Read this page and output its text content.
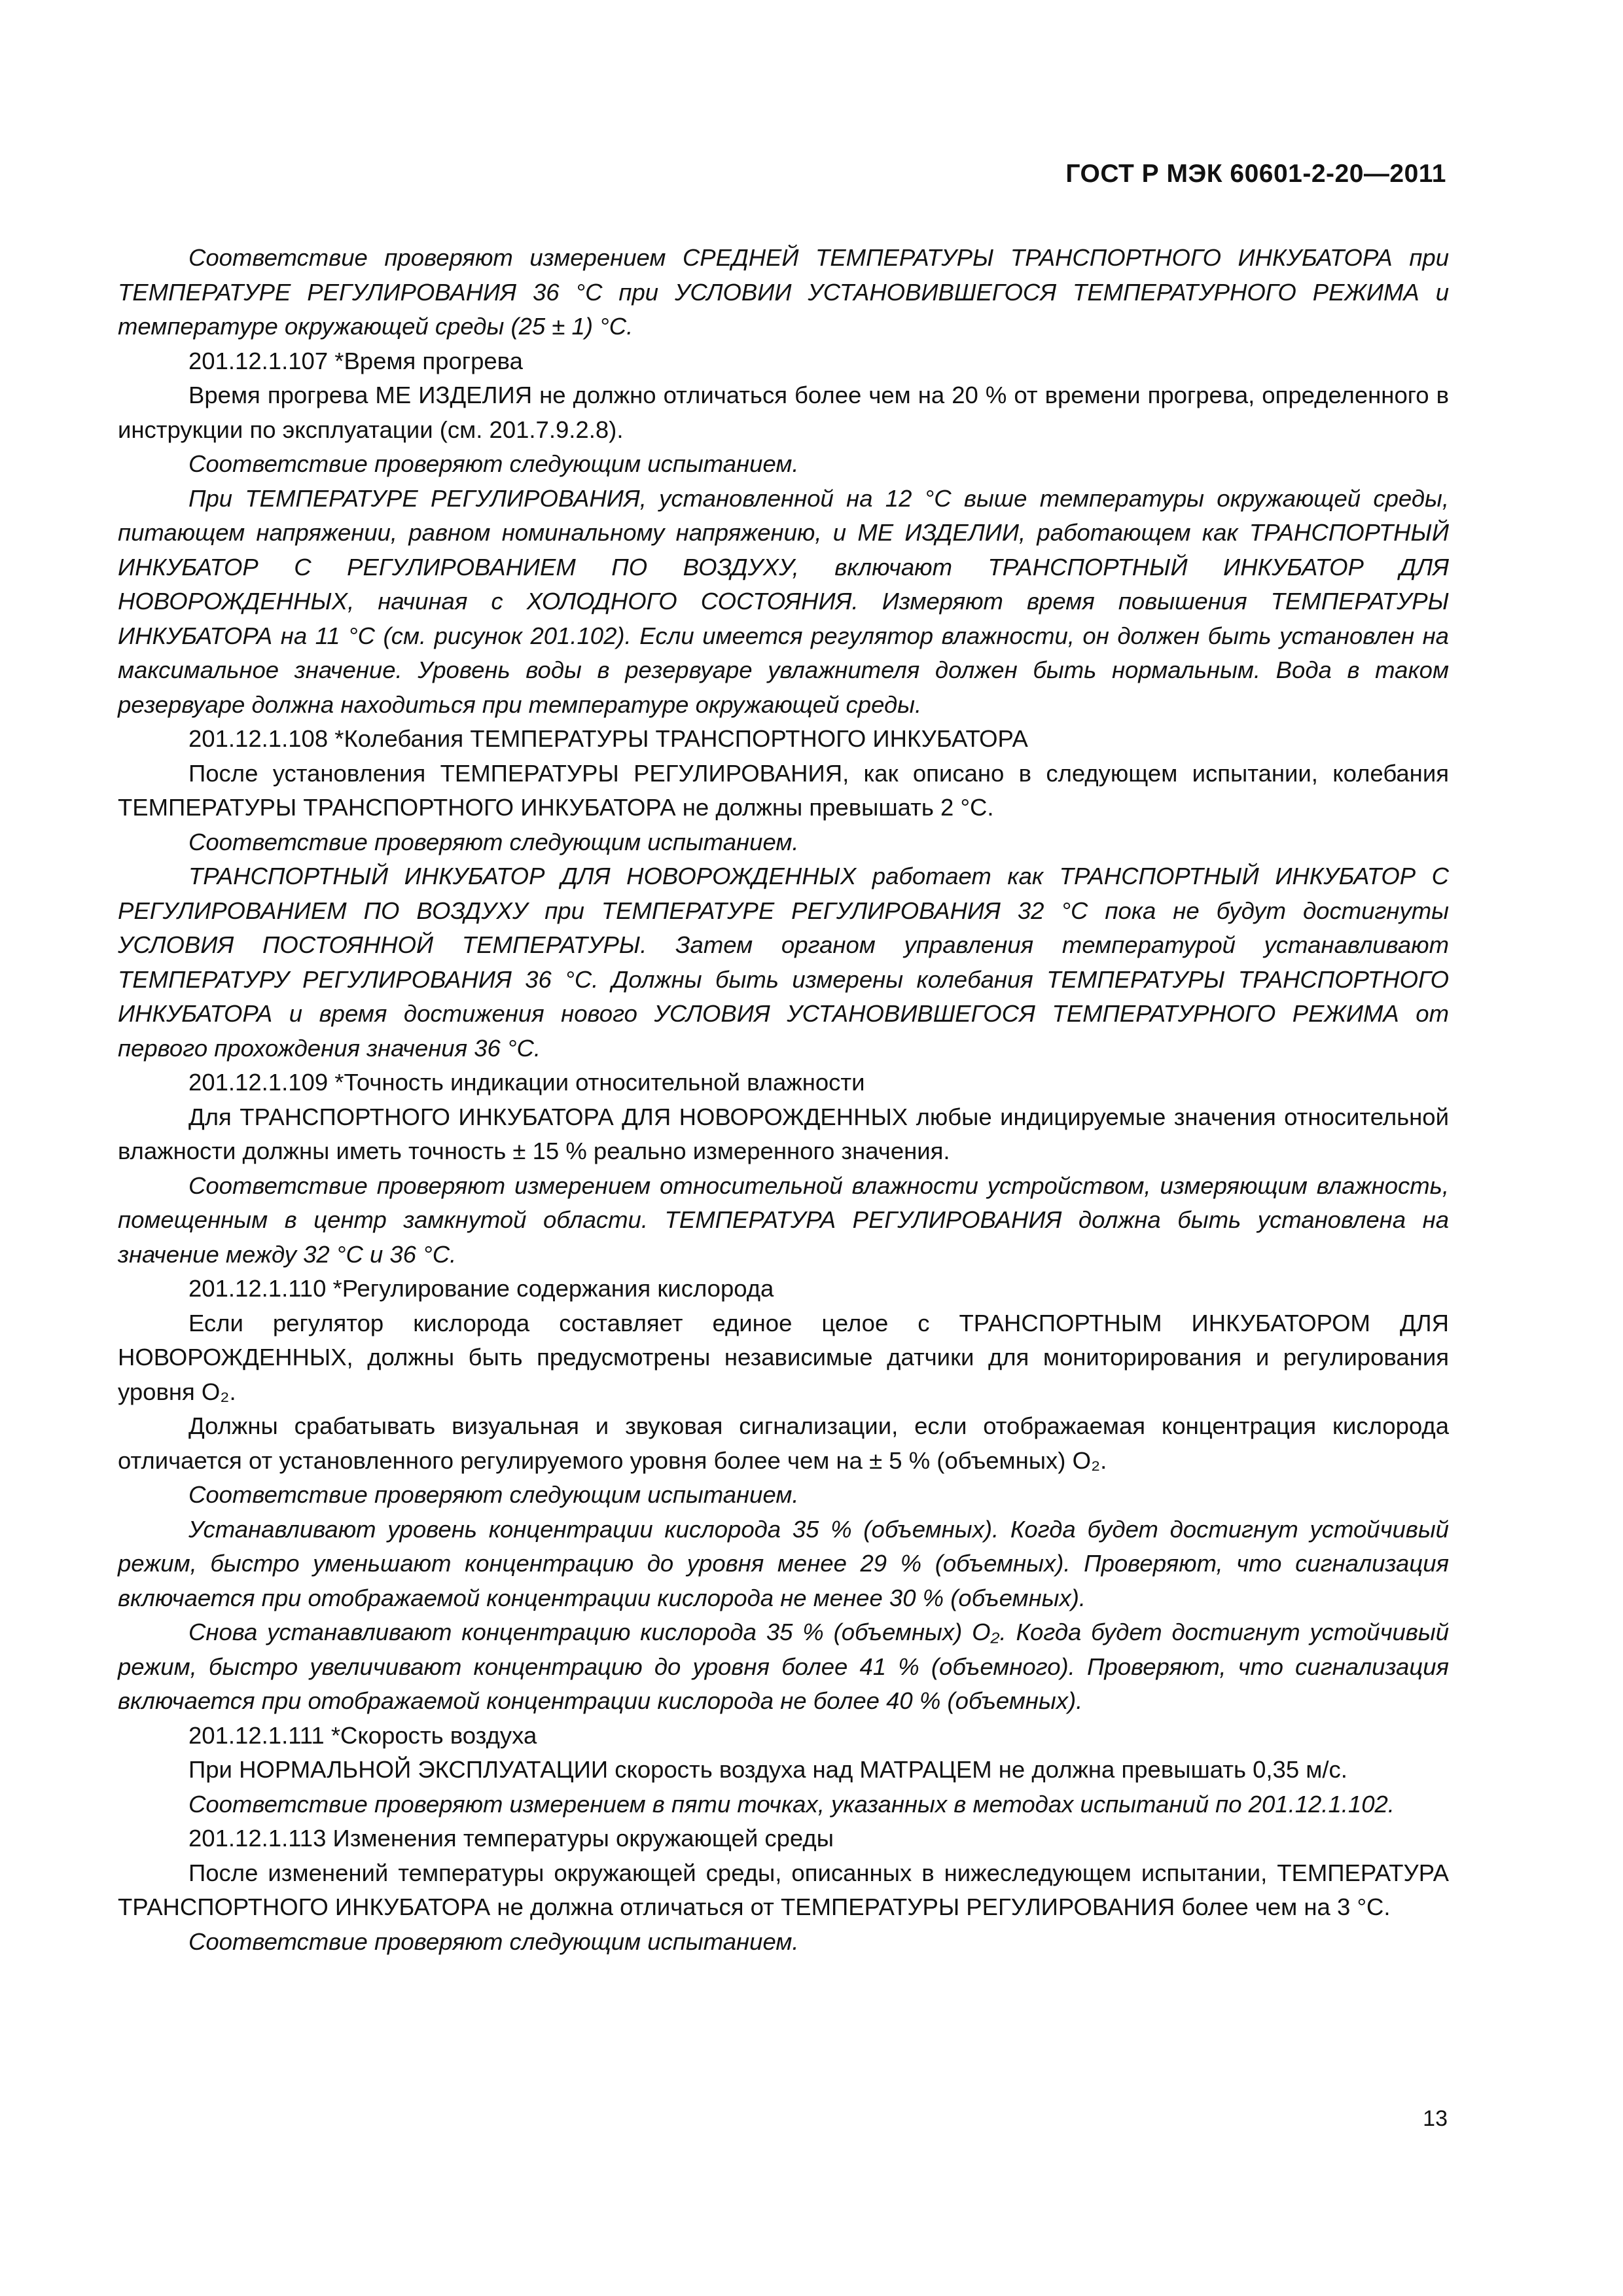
ГОСТ Р МЭК 60601-2-20—2011

Соответствие проверяют измерением СРЕДНЕЙ ТЕМПЕРАТУРЫ ТРАНСПОРТНОГО ИНКУБАТОРА при ТЕМПЕРАТУРЕ РЕГУЛИРОВАНИЯ 36 °С при УСЛОВИИ УСТАНОВИВШЕГОСЯ ТЕМПЕРАТУРНОГО РЕЖИМА и температуре окружающей среды (25 ± 1) °С.

201.12.1.107 *Время прогрева

Время прогрева МЕ ИЗДЕЛИЯ не должно отличаться более чем на 20 % от времени прогрева, определенного в инструкции по эксплуатации (см. 201.7.9.2.8).

Соответствие проверяют следующим испытанием.

При ТЕМПЕРАТУРЕ РЕГУЛИРОВАНИЯ, установленной на 12 °С выше температуры окружающей среды, питающем напряжении, равном номинальному напряжению, и МЕ ИЗДЕЛИИ, работающем как ТРАНСПОРТНЫЙ ИНКУБАТОР С РЕГУЛИРОВАНИЕМ ПО ВОЗДУХУ, включают ТРАНСПОРТНЫЙ ИНКУБАТОР ДЛЯ НОВОРОЖДЕННЫХ, начиная с ХОЛОДНОГО СОСТОЯНИЯ. Измеряют время повышения ТЕМПЕРАТУРЫ ИНКУБАТОРА на 11 °С (см. рисунок 201.102). Если имеется регулятор влажности, он должен быть установлен на максимальное значение. Уровень воды в резервуаре увлажнителя должен быть нормальным. Вода в таком резервуаре должна находиться при температуре окружающей среды.

201.12.1.108 *Колебания ТЕМПЕРАТУРЫ ТРАНСПОРТНОГО ИНКУБАТОРА

После установления ТЕМПЕРАТУРЫ РЕГУЛИРОВАНИЯ, как описано в следующем испытании, колебания ТЕМПЕРАТУРЫ ТРАНСПОРТНОГО ИНКУБАТОРА не должны превышать 2 °С.

Соответствие проверяют следующим испытанием.

ТРАНСПОРТНЫЙ ИНКУБАТОР ДЛЯ НОВОРОЖДЕННЫХ работает как ТРАНСПОРТНЫЙ ИНКУБАТОР С РЕГУЛИРОВАНИЕМ ПО ВОЗДУХУ при ТЕМПЕРАТУРЕ РЕГУЛИРОВАНИЯ 32 °С пока не будут достигнуты УСЛОВИЯ ПОСТОЯННОЙ ТЕМПЕРАТУРЫ. Затем органом управления температурой устанавливают ТЕМПЕРАТУРУ РЕГУЛИРОВАНИЯ 36 °С. Должны быть измерены колебания ТЕМПЕРАТУРЫ ТРАНСПОРТНОГО ИНКУБАТОРА и время достижения нового УСЛОВИЯ УСТАНОВИВШЕГОСЯ ТЕМПЕРАТУРНОГО РЕЖИМА от первого прохождения значения 36 °С.

201.12.1.109 *Точность индикации относительной влажности

Для ТРАНСПОРТНОГО ИНКУБАТОРА ДЛЯ НОВОРОЖДЕННЫХ любые индицируемые значения относительной влажности должны иметь точность ± 15 % реально измеренного значения.

Соответствие проверяют измерением относительной влажности устройством, измеряющим влажность, помещенным в центр замкнутой области. ТЕМПЕРАТУРА РЕГУЛИРОВАНИЯ должна быть установлена на значение между 32 °С и 36 °С.

201.12.1.110 *Регулирование содержания кислорода

Если регулятор кислорода составляет единое целое с ТРАНСПОРТНЫМ ИНКУБАТОРОМ ДЛЯ НОВОРОЖДЕННЫХ, должны быть предусмотрены независимые датчики для мониторирования и регулирования уровня O₂.

Должны срабатывать визуальная и звуковая сигнализации, если отображаемая концентрация кислорода отличается от установленного регулируемого уровня более чем на ± 5 % (объемных) O₂.

Соответствие проверяют следующим испытанием.

Устанавливают уровень концентрации кислорода 35 % (объемных). Когда будет достигнут устойчивый режим, быстро уменьшают концентрацию до уровня менее 29 % (объемных). Проверяют, что сигнализация включается при отображаемой концентрации кислорода не менее 30 % (объемных).

Снова устанавливают концентрацию кислорода 35 % (объемных) O₂. Когда будет достигнут устойчивый режим, быстро увеличивают концентрацию до уровня более 41 % (объемного). Проверяют, что сигнализация включается при отображаемой концентрации кислорода не более 40 % (объемных).

201.12.1.111 *Скорость воздуха

При НОРМАЛЬНОЙ ЭКСПЛУАТАЦИИ скорость воздуха над МАТРАЦЕМ не должна превышать 0,35 м/с.

Соответствие проверяют измерением в пяти точках, указанных в методах испытаний по 201.12.1.102.

201.12.1.113 Изменения температуры окружающей среды

После изменений температуры окружающей среды, описанных в нижеследующем испытании, ТЕМПЕРАТУРА ТРАНСПОРТНОГО ИНКУБАТОРА не должна отличаться от ТЕМПЕРАТУРЫ РЕГУЛИРОВАНИЯ более чем на 3 °С.

Соответствие проверяют следующим испытанием.

13
